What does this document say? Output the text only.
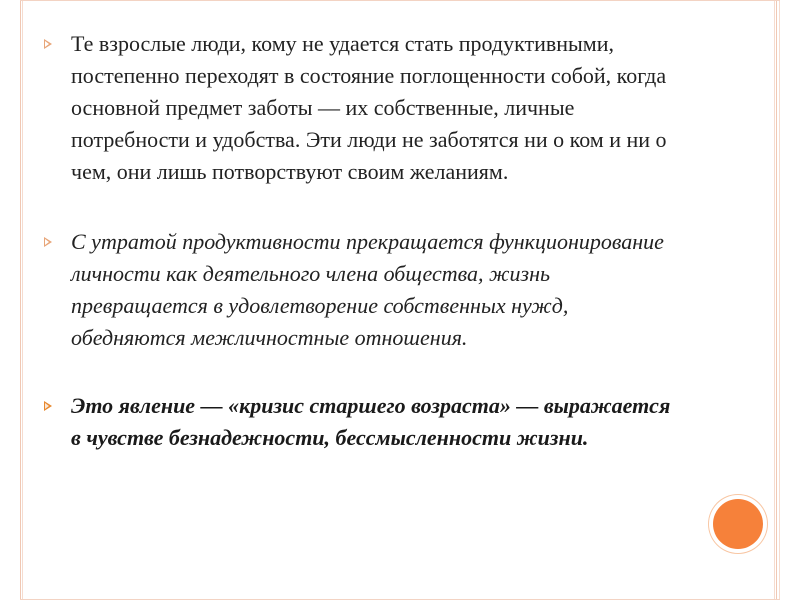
Те взрослые люди, кому не удается стать продуктивными, постепенно переходят в состояние поглощенности собой, когда основной предмет заботы — их собственные, личные потребности и удобства. Эти люди не заботятся ни о ком и ни о чем, они лишь потворствуют своим желаниям.
С утратой продуктивности прекращается функционирование личности как деятельного члена общества, жизнь превращается в удовлетворение собственных нужд, обедняются межличностные отношения.
Это явление — «кризис старшего возраста» — выражается в чувстве безнадежности, бессмысленности жизни.
